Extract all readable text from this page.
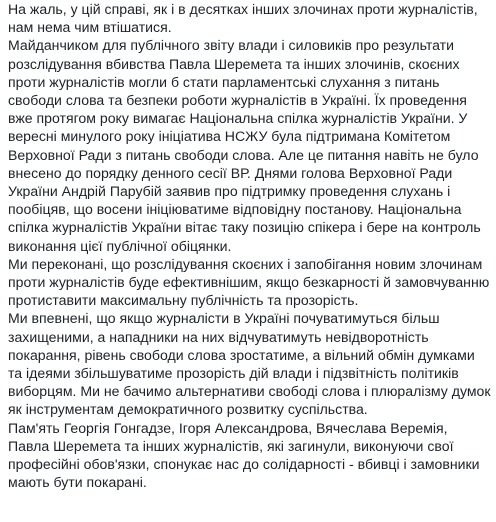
На жаль, у цій справі, як і в десятках інших злочинах проти журналістів, нам нема чим втішатися.

Майданчиком для публічного звіту влади і силовиків про результати розслідування вбивства Павла Шеремета та інших злочинів, скоєних проти журналістів могли б стати парламентські слухання з питань свободи слова та безпеки роботи журналістів в Україні. Їх проведення вже протягом року вимагає Національна спілка журналістів України. У вересні минулого року ініціатива НСЖУ була підтримана Комітетом Верховної Ради з питань свободи слова. Але це питання навіть не було внесено до порядку денного сесії ВР. Днями голова Верховної Ради України Андрій Парубій заявив про підтримку проведення слухань і пообіцяв, що восени ініціюватиме відповідну постанову. Національна спілка журналістів України вітає таку позицію спікера і бере на контроль виконання цієї публічної обіцянки.

Ми переконані, що розслідування скоєних і запобігання новим злочинам проти журналістів буде ефективнішим, якщо безкарності й замовчуванню протиставити максимальну публічність та прозорість.

Ми впевнені, що якщо журналісти в Україні почуватимуться більш захищеними, а нападники на них відчуватимуть невідворотність покарання, рівень свободи слова зростатиме, а вільний обмін думками та ідеями збільшуватиме прозорість дій влади і підзвітність політиків виборцям. Ми не бачимо альтернативи свободі слова і плюралізму думок як інструментам демократичного розвитку суспільства.

Пам'ять Георгія Гонгадзе, Ігоря Александрова, Вячеслава Веремія, Павла Шеремета та інших журналістів, які загинули, виконуючи свої професійні обов'язки, спонукає нас до солідарності - вбивці і замовники мають бути покарані.
